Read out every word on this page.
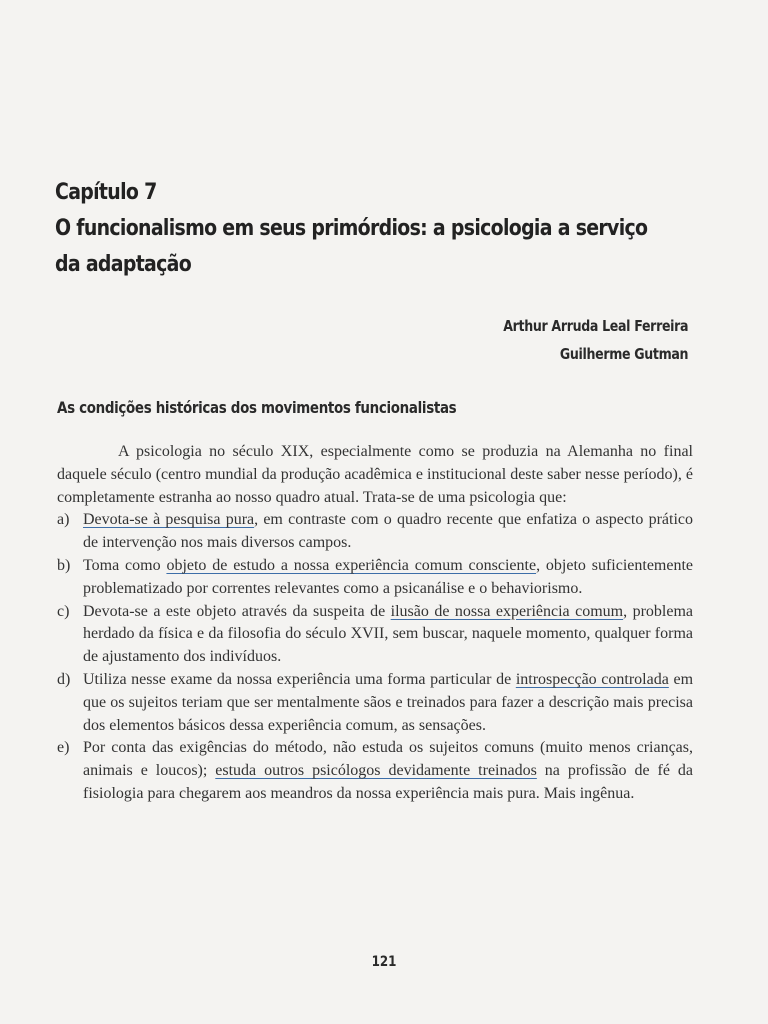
Capítulo 7
O funcionalismo em seus primórdios: a psicologia a serviço
da adaptação
Arthur Arruda Leal Ferreira
Guilherme Gutman
As condições históricas dos movimentos funcionalistas

A psicologia no século XIX, especialmente como se produzia na Alemanha no final daquele século (centro mundial da produção acadêmica e institucional deste saber nesse período), é completamente estranha ao nosso quadro atual. Trata-se de uma psicologia que:

a) Devota-se à pesquisa pura, em contraste com o quadro recente que enfatiza o aspecto prático de intervenção nos mais diversos campos.

b) Toma como objeto de estudo a nossa experiência comum consciente, objeto suficientemente problematizado por correntes relevantes como a psicanálise e o behaviorismo.

c) Devota-se a este objeto através da suspeita de ilusão de nossa experiência comum, problema herdado da física e da filosofia do século XVII, sem buscar, naquele momento, qualquer forma de ajustamento dos indivíduos.

d) Utiliza nesse exame da nossa experiência uma forma particular de introspecção controlada em que os sujeitos teriam que ser mentalmente sãos e treinados para fazer a descrição mais precisa dos elementos básicos dessa experiência comum, as sensações.

e) Por conta das exigências do método, não estuda os sujeitos comuns (muito menos crianças, animais e loucos); estuda outros psicólogos devidamente treinados na profissão de fé da fisiologia para chegarem aos meandros da nossa experiência mais pura. Mais ingênua.

121
